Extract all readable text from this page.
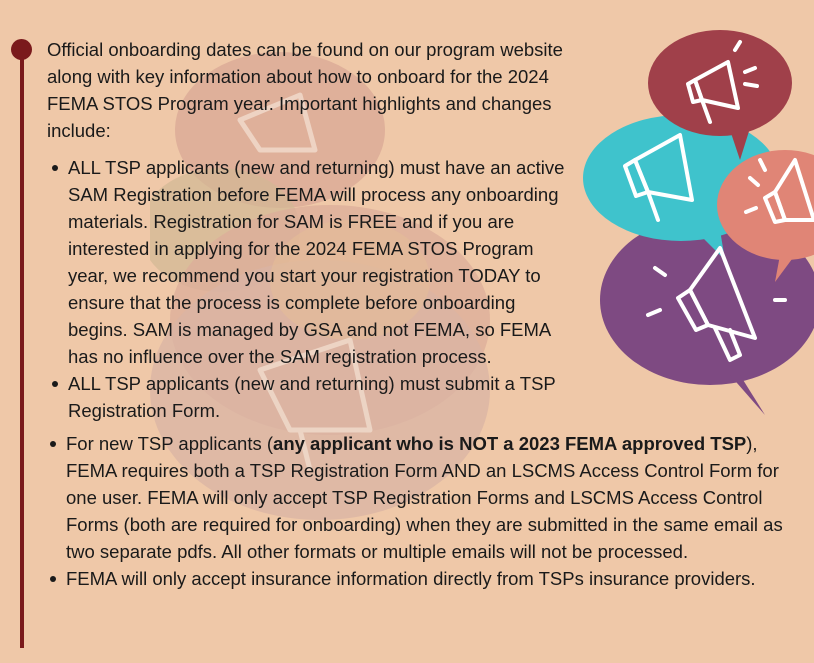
Official onboarding dates can be found on our program website along with key information about how to onboard for the 2024 FEMA STOS Program year. Important highlights and changes include:

ALL TSP applicants (new and returning) must have an active SAM Registration before FEMA will process any onboarding materials. Registration for SAM is FREE and if you are interested in applying for the 2024 FEMA STOS Program year, we recommend you start your registration TODAY to ensure that the process is complete before onboarding begins. SAM is managed by GSA and not FEMA, so FEMA has no influence over the SAM registration process.
ALL TSP applicants (new and returning) must submit a TSP Registration Form.
For new TSP applicants (any applicant who is NOT a 2023 FEMA approved TSP), FEMA requires both a TSP Registration Form AND an LSCMS Access Control Form for one user. FEMA will only accept TSP Registration Forms and LSCMS Access Control Forms (both are required for onboarding) when they are submitted in the same email as two separate pdfs. All other formats or multiple emails will not be processed.
FEMA will only accept insurance information directly from TSPs insurance providers.
